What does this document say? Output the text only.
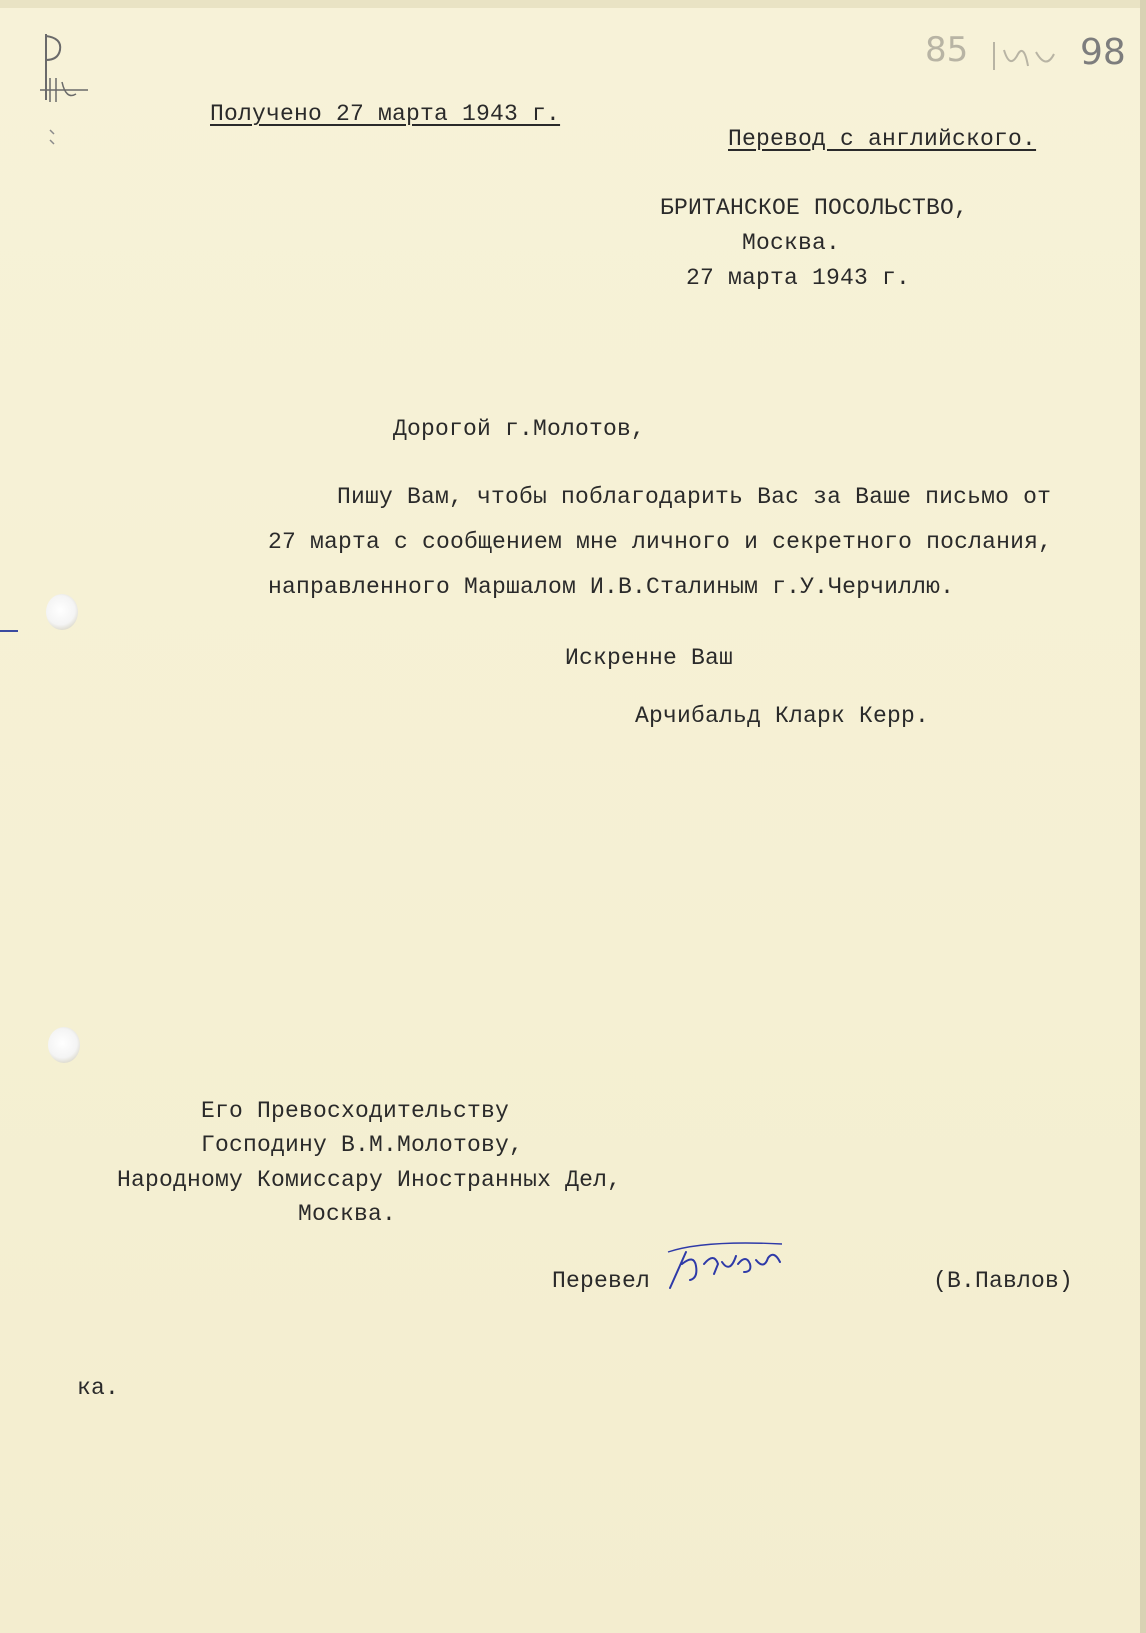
85	98
Получено 27 марта 1943 г.
Перевод с английского.
БРИТАНСКОЕ ПОСОЛЬСТВО,
Москва.
27 марта 1943 г.
Дорогой г.Молотов,
Пишу Вам, чтобы поблагодарить Вас за Ваше письмо от
27 марта с сообщением мне личного и секретного послания,
направленного Маршалом И.В.Сталиным г.У.Черчиллю.
Искренне Ваш
Арчибальд Кларк Керр.
Его Превосходительству
Господину В.М.Молотову,
Народному Комиссару Иностранных Дел,
Москва.
Перевел	(В.Павлов)
ка.
